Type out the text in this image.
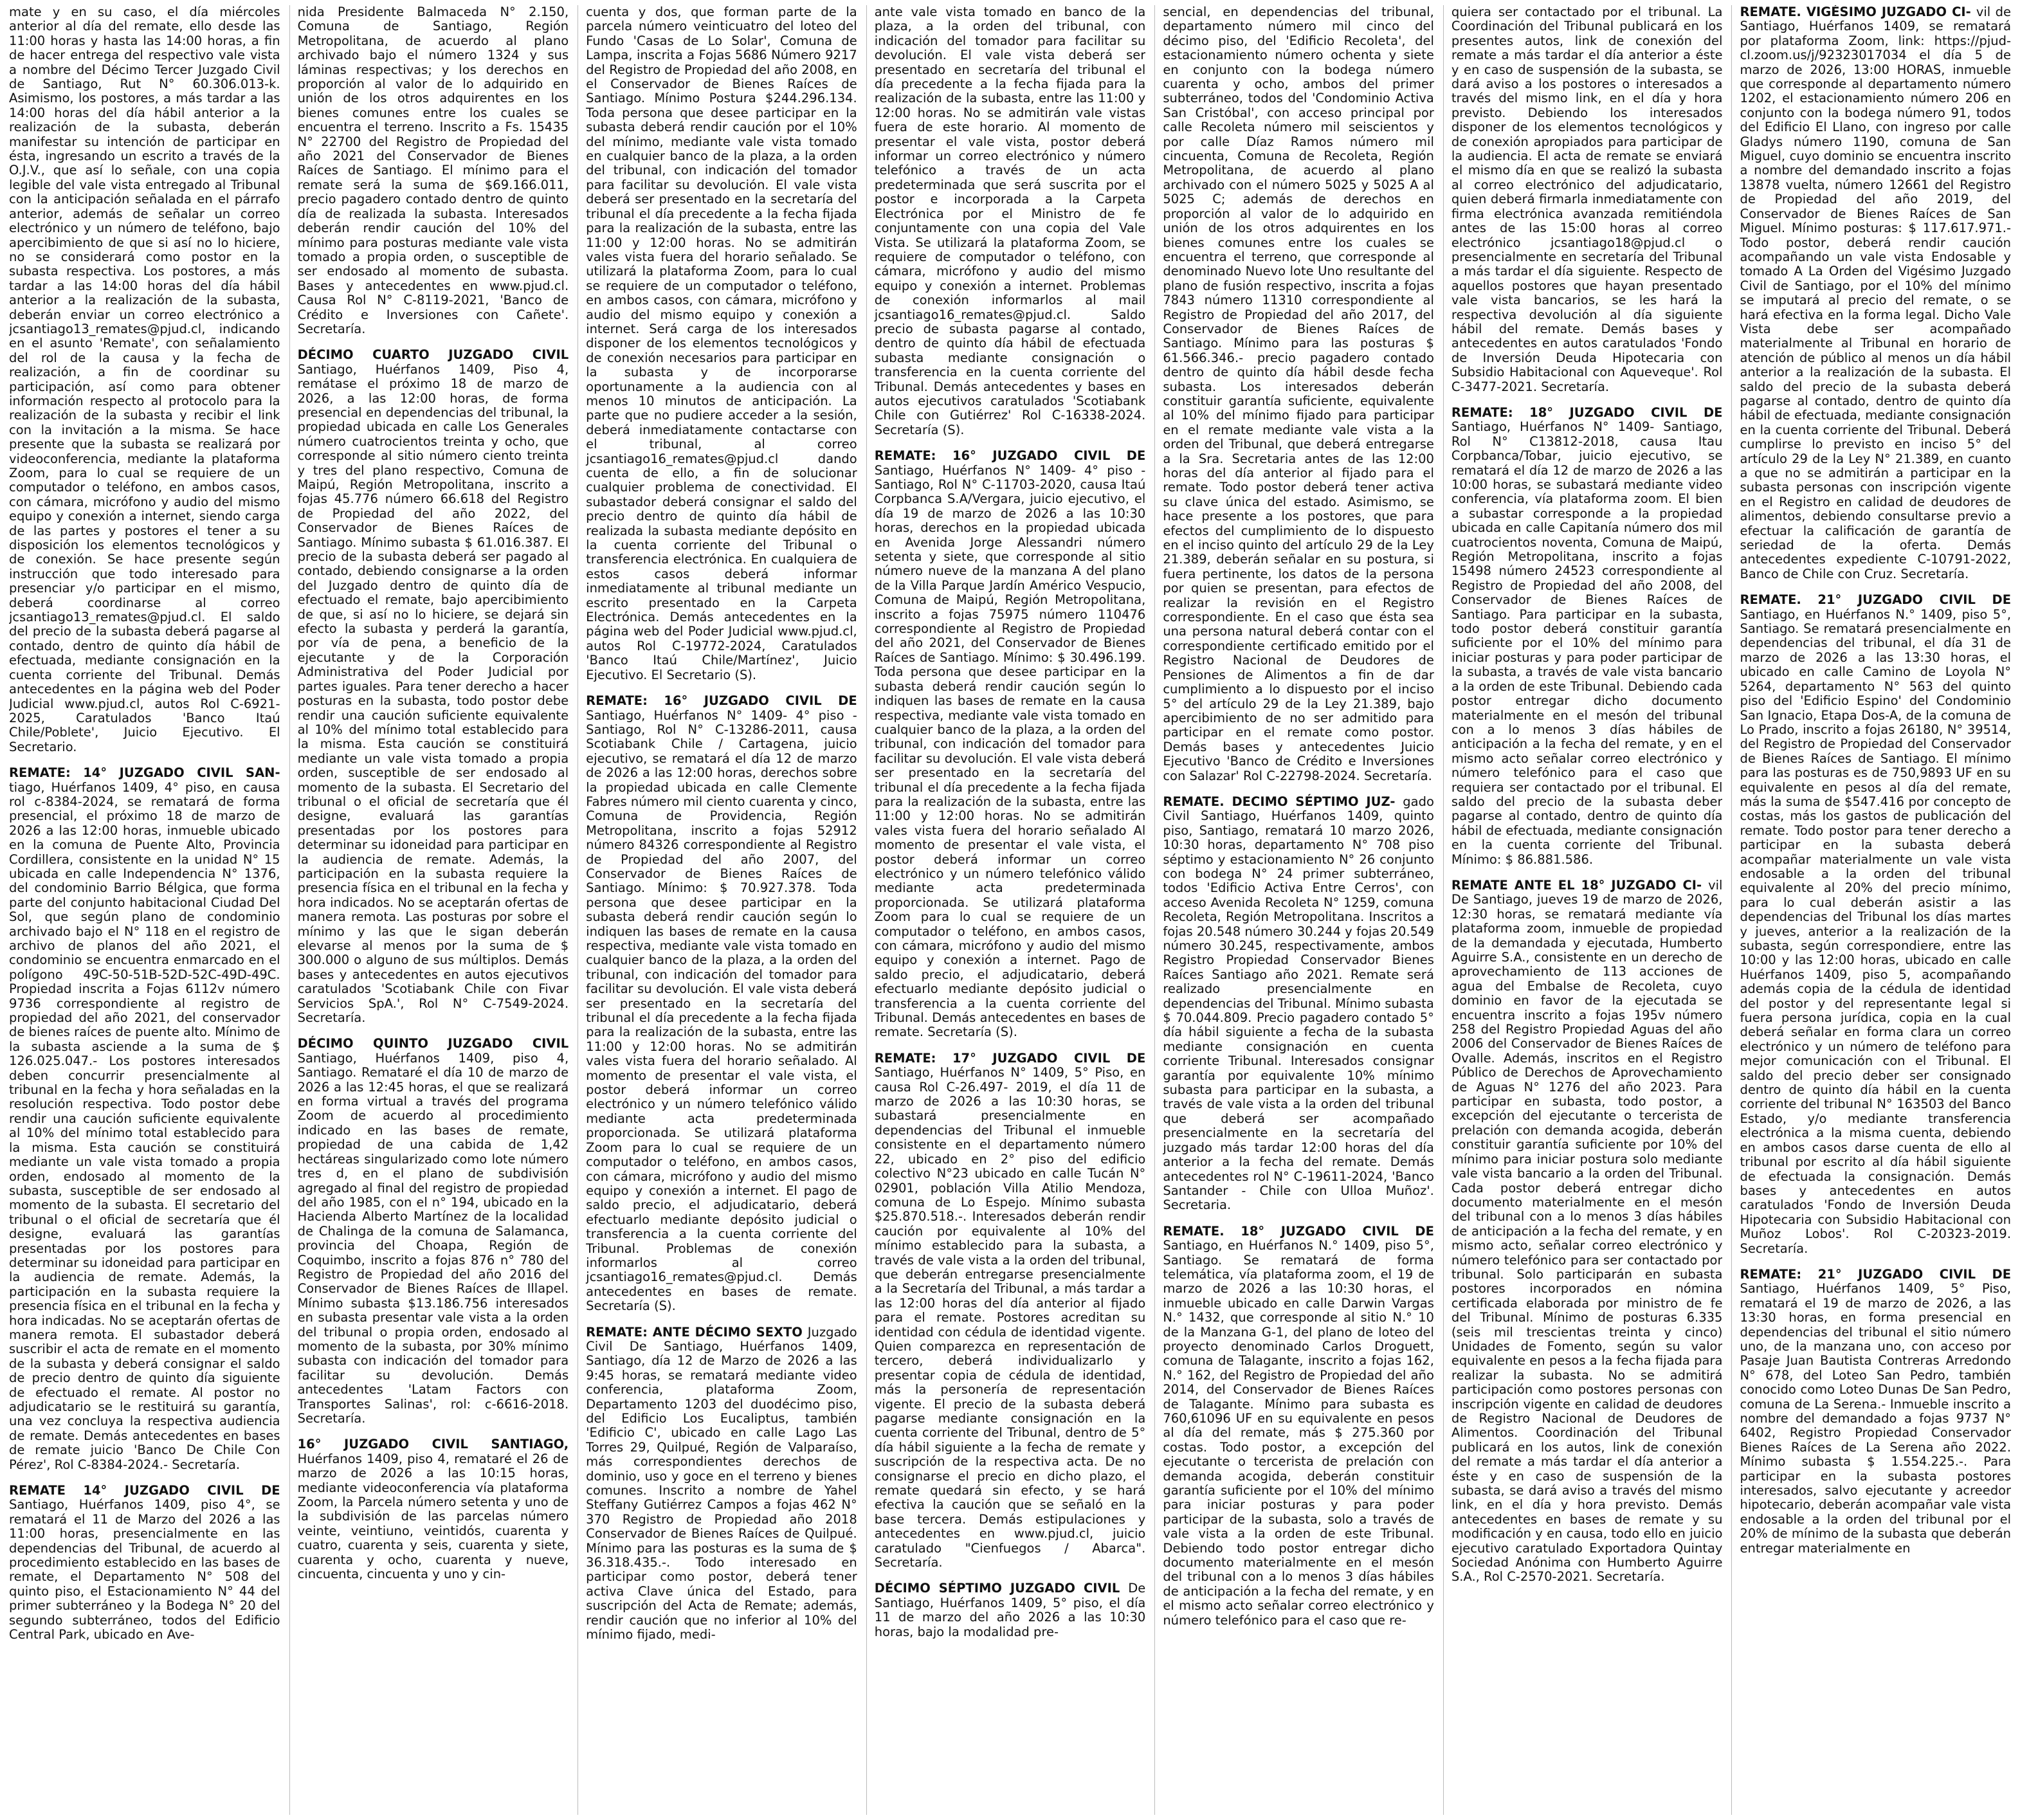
mate y en su caso, el día miércoles anterior al día del remate, ello desde las 11:00 horas y hasta las 14:00 horas, a fin de hacer entrega del respectivo vale vista a nombre del Décimo Tercer Juzgado Civil de Santiago, Rut N° 60.306.013-k. Asimismo, los postores, a más tardar a las 14:00 horas del día hábil anterior a la realización de la subasta, deberán manifestar su intención de participar en ésta, ingresando un escrito a través de la O.J.V., que así lo señale, con una copia legible del vale vista entregado al Tribunal con la anticipación señalada en el párrafo anterior, además de señalar un correo electrónico y un número de teléfono, bajo apercibimiento de que si así no lo hiciere, no se considerará como postor en la subasta respectiva. Los postores, a más tardar a las 14:00 horas del día hábil anterior a la realización de la subasta, deberán enviar un correo electrónico a jcsantiago13_remates@pjud.cl, indicando en el asunto 'Remate', con señalamiento del rol de la causa y la fecha de realización, a fin de coordinar su participación, así como para obtener información respecto al protocolo para la realización de la subasta y recibir el link con la invitación a la misma. Se hace presente que la subasta se realizará por videoconferencia, mediante la plataforma Zoom, para lo cual se requiere de un computador o teléfono, en ambos casos, con cámara, micrófono y audio del mismo equipo y conexión a internet, siendo carga de las partes y postores el tener a su disposición los elementos tecnológicos y de conexión. Se hace presente según instrucción que todo interesado para presenciar y/o participar en el mismo, deberá coordinarse al correo jcsantiago13_remates@pjud.cl. El saldo del precio de la subasta deberá pagarse al contado, dentro de quinto día hábil de efectuada, mediante consignación en la cuenta corriente del Tribunal. Demás antecedentes en la página web del Poder Judicial www.pjud.cl, autos Rol C-6921-2025, Caratulados 'Banco Itaú Chile/Poblete', Juicio Ejecutivo. El Secretario.
REMATE: 14° JUZGADO CIVIL SAN- tiago, Huérfanos 1409, 4° piso, en causa rol c-8384-2024, se rematará de forma presencial, el próximo 18 de marzo de 2026 a las 12:00 horas, inmueble ubicado en la comuna de Puente Alto, Provincia Cordillera, consistente en la unidad N° 15 ubicada en calle Independencia N° 1376, del condominio Barrio Bélgica, que forma parte del conjunto habitacional Ciudad Del Sol, que según plano de condominio archivado bajo el N° 118 en el registro de archivo de planos del año 2021, el condominio se encuentra enmarcado en el polígono 49C-50-51B-52D-52C-49D-49C. Propiedad inscrita a Fojas 6112v número 9736 correspondiente al registro de propiedad del año 2021, del conservador de bienes raíces de puente alto. Mínimo de la subasta asciende a la suma de $ 126.025.047.- Los postores interesados deben concurrir presencialmente al tribunal en la fecha y hora señaladas en la resolución respectiva. Todo postor debe rendir una caución suficiente equivalente al 10% del mínimo total establecido para la misma. Esta caución se constituirá mediante un vale vista tomado a propia orden, endosado al momento de la subasta, susceptible de ser endosado al momento de la subasta. El secretario del tribunal o el oficial de secretaría que él designe, evaluará las garantías presentadas por los postores para determinar su idoneidad para participar en la audiencia de remate. Además, la participación en la subasta requiere la presencia física en el tribunal en la fecha y hora indicadas. No se aceptarán ofertas de manera remota. El subastador deberá suscribir el acta de remate en el momento de la subasta y deberá consignar el saldo de precio dentro de quinto día siguiente de efectuado el remate. Al postor no adjudicatario se le restituirá su garantía, una vez concluya la respectiva audiencia de remate. Demás antecedentes en bases de remate juicio 'Banco De Chile Con Pérez', Rol C-8384-2024.- Secretaría.
REMATE 14° JUZGADO CIVIL DE Santiago, Huérfanos 1409, piso 4°, se rematará el 11 de Marzo del 2026 a las 11:00 horas, presencialmente en las dependencias del Tribunal, de acuerdo al procedimiento establecido en las bases de remate, el Departamento N° 508 del quinto piso, el Estacionamiento N° 44 del primer subterráneo y la Bodega N° 20 del segundo subterráneo, todos del Edificio Central Park, ubicado en Ave-
nida Presidente Balmaceda N° 2.150, Comuna de Santiago, Región Metropolitana, de acuerdo al plano archivado bajo el número 1324 y sus láminas respectivas; y los derechos en proporción al valor de lo adquirido en unión de los otros adquirentes en los bienes comunes entre los cuales se encuentra el terreno. Inscrito a Fs. 15435 N° 22700 del Registro de Propiedad del año 2021 del Conservador de Bienes Raíces de Santiago. El mínimo para el remate será la suma de $69.166.011, precio pagadero contado dentro de quinto día de realizada la subasta. Interesados deberán rendir caución del 10% del mínimo para posturas mediante vale vista tomado a propia orden, o susceptible de ser endosado al momento de subasta. Bases y antecedentes en www.pjud.cl. Causa Rol N° C-8119-2021, 'Banco de Crédito e Inversiones con Cañete'. Secretaría.
DÉCIMO CUARTO JUZGADO CIVIL Santiago, Huérfanos 1409, Piso 4, remátase el próximo 18 de marzo de 2026, a las 12:00 horas, de forma presencial en dependencias del tribunal, la propiedad ubicada en calle Los Generales número cuatrocientos treinta y ocho, que corresponde al sitio número ciento treinta y tres del plano respectivo, Comuna de Maipú, Región Metropolitana, inscrito a fojas 45.776 número 66.618 del Registro de Propiedad del año 2022, del Conservador de Bienes Raíces de Santiago. Mínimo subasta $ 61.016.387. El precio de la subasta deberá ser pagado al contado, debiendo consignarse a la orden del Juzgado dentro de quinto día de efectuado el remate, bajo apercibimiento de que, si así no lo hiciere, se dejará sin efecto la subasta y perderá la garantía, por vía de pena, a beneficio de la ejecutante y de la Corporación Administrativa del Poder Judicial por partes iguales. Para tener derecho a hacer posturas en la subasta, todo postor debe rendir una caución suficiente equivalente al 10% del mínimo total establecido para la misma. Esta caución se constituirá mediante un vale vista tomado a propia orden, susceptible de ser endosado al momento de la subasta. El Secretario del tribunal o el oficial de secretaría que él designe, evaluará las garantías presentadas por los postores para determinar su idoneidad para participar en la audiencia de remate. Además, la participación en la subasta requiere la presencia física en el tribunal en la fecha y hora indicados. No se aceptarán ofertas de manera remota. Las posturas por sobre el mínimo y las que le sigan deberán elevarse al menos por la suma de $ 300.000 o alguno de sus múltiplos. Demás bases y antecedentes en autos ejecutivos caratulados 'Scotiabank Chile con Fivar Servicios SpA.', Rol N° C-7549-2024. Secretaría.
DÉCIMO QUINTO JUZGADO CIVIL Santiago, Huérfanos 1409, piso 4, Santiago. Remataré el día 10 de marzo de 2026 a las 12:45 horas, el que se realizará en forma virtual a través del programa Zoom de acuerdo al procedimiento indicado en las bases de remate, propiedad de una cabida de 1,42 hectáreas singularizado como lote número tres d, en el plano de subdivisión agregado al final del registro de propiedad del año 1985, con el n° 194, ubicado en la Hacienda Alberto Martínez de la localidad de Chalinga de la comuna de Salamanca, provincia del Choapa, Región de Coquimbo, inscrito a fojas 876 n° 780 del Registro de Propiedad del año 2016 del Conservador de Bienes Raíces de Illapel. Mínimo subasta $13.186.756 interesados en subasta presentar vale vista a la orden del tribunal o propia orden, endosado al momento de la subasta, por 30% mínimo subasta con indicación del tomador para facilitar su devolución. Demás antecedentes 'Latam Factors con Transportes Salinas', rol: c-6616-2018. Secretaría.
16° JUZGADO CIVIL SANTIAGO, Huérfanos 1409, piso 4, remataré el 26 de marzo de 2026 a las 10:15 horas, mediante videoconferencia vía plataforma Zoom, la Parcela número setenta y uno de la subdivisión de las parcelas número veinte, veintiuno, veintidós, cuarenta y cuatro, cuarenta y seis, cuarenta y siete, cuarenta y ocho, cuarenta y nueve, cincuenta, cincuenta y uno y cin-
cuenta y dos, que forman parte de la parcela número veinticuatro del loteo del Fundo 'Casas de Lo Solar', Comuna de Lampa, inscrita a Fojas 5686 Número 9217 del Registro de Propiedad del año 2008, en el Conservador de Bienes Raíces de Santiago. Mínimo Postura $244.296.134. Toda persona que desee participar en la subasta deberá rendir caución por el 10% del mínimo, mediante vale vista tomado en cualquier banco de la plaza, a la orden del tribunal, con indicación del tomador para facilitar su devolución. El vale vista deberá ser presentado en la secretaría del tribunal el día precedente a la fecha fijada para la realización de la subasta, entre las 11:00 y 12:00 horas. No se admitirán vales vista fuera del horario señalado. Se utilizará la plataforma Zoom, para lo cual se requiere de un computador o teléfono, en ambos casos, con cámara, micrófono y audio del mismo equipo y conexión a internet. Será carga de los interesados disponer de los elementos tecnológicos y de conexión necesarios para participar en la subasta y de incorporarse oportunamente a la audiencia con al menos 10 minutos de anticipación. La parte que no pudiere acceder a la sesión, deberá inmediatamente contactarse con el tribunal, al correo jcsantiago16_remates@pjud.cl dando cuenta de ello, a fin de solucionar cualquier problema de conectividad. El subastador deberá consignar el saldo del precio dentro de quinto día hábil de realizada la subasta mediante depósito en la cuenta corriente del Tribunal o transferencia electrónica. En cualquiera de estos casos deberá informar inmediatamente al tribunal mediante un escrito presentado en la Carpeta Electrónica. Demás antecedentes en la página web del Poder Judicial www.pjud.cl, autos Rol C-19772-2024, Caratulados 'Banco Itaú Chile/Martínez', Juicio Ejecutivo. El Secretario (S).
REMATE: 16° JUZGADO CIVIL DE Santiago, Huérfanos N° 1409- 4° piso - Santiago, Rol N° C-13286-2011, causa Scotiabank Chile / Cartagena, juicio ejecutivo, se rematará el día 12 de marzo de 2026 a las 12:00 horas, derechos sobre la propiedad ubicada en calle Clemente Fabres número mil ciento cuarenta y cinco, Comuna de Providencia, Región Metropolitana, inscrito a fojas 52912 número 84326 correspondiente al Registro de Propiedad del año 2007, del Conservador de Bienes Raíces de Santiago. Mínimo: $ 70.927.378. Toda persona que desee participar en la subasta deberá rendir caución según lo indiquen las bases de remate en la causa respectiva, mediante vale vista tomado en cualquier banco de la plaza, a la orden del tribunal, con indicación del tomador para facilitar su devolución. El vale vista deberá ser presentado en la secretaría del tribunal el día precedente a la fecha fijada para la realización de la subasta, entre las 11:00 y 12:00 horas. No se admitirán vales vista fuera del horario señalado. Al momento de presentar el vale vista, el postor deberá informar un correo electrónico y un número telefónico válido mediante acta predeterminada proporcionada. Se utilizará plataforma Zoom para lo cual se requiere de un computador o teléfono, en ambos casos, con cámara, micrófono y audio del mismo equipo y conexión a internet. El pago de saldo precio, el adjudicatario, deberá efectuarlo mediante depósito judicial o transferencia a la cuenta corriente del Tribunal. Problemas de conexión informarlos al correo jcsantiago16_remates@pjud.cl. Demás antecedentes en bases de remate. Secretaría (S).
REMATE: ANTE DÉCIMO SEXTO Juzgado Civil De Santiago, Huérfanos 1409, Santiago, día 12 de Marzo de 2026 a las 9:45 horas, se rematará mediante video conferencia, plataforma Zoom, Departamento 1203 del duodécimo piso, del Edificio Los Eucaliptus, también 'Edificio C', ubicado en calle Lago Las Torres 29, Quilpué, Región de Valparaíso, más correspondientes derechos de dominio, uso y goce en el terreno y bienes comunes. Inscrito a nombre de Yahel Steffany Gutiérrez Campos a fojas 462 N° 370 Registro de Propiedad año 2018 Conservador de Bienes Raíces de Quilpué. Mínimo para las posturas es la suma de $ 36.318.435.-. Todo interesado en participar como postor, deberá tener activa Clave única del Estado, para suscripción del Acta de Remate; además, rendir caución que no inferior al 10% del mínimo fijado, medi-
ante vale vista tomado en banco de la plaza, a la orden del tribunal, con indicación del tomador para facilitar su devolución. El vale vista deberá ser presentado en secretaría del tribunal el día precedente a la fecha fijada para la realización de la subasta, entre las 11:00 y 12:00 horas. No se admitirán vale vistas fuera de este horario. Al momento de presentar el vale vista, postor deberá informar un correo electrónico y número telefónico a través de un acta predeterminada que será suscrita por el postor e incorporada a la Carpeta Electrónica por el Ministro de fe conjuntamente con una copia del Vale Vista. Se utilizará la plataforma Zoom, se requiere de computador o teléfono, con cámara, micrófono y audio del mismo equipo y conexión a internet. Problemas de conexión informarlos al mail jcsantiago16_remates@pjud.cl. Saldo precio de subasta pagarse al contado, dentro de quinto día hábil de efectuada subasta mediante consignación o transferencia en la cuenta corriente del Tribunal. Demás antecedentes y bases en autos ejecutivos caratulados 'Scotiabank Chile con Gutiérrez' Rol C-16338-2024. Secretaría (S).
REMATE: 16° JUZGADO CIVIL DE Santiago, Huérfanos N° 1409- 4° piso - Santiago, Rol N° C-11703-2020, causa Itaú Corpbanca S.A/Vergara, juicio ejecutivo, el día 19 de marzo de 2026 a las 10:30 horas, derechos en la propiedad ubicada en Avenida Jorge Alessandri número setenta y siete, que corresponde al sitio número nueve de la manzana A del plano de la Villa Parque Jardín Américo Vespucio, Comuna de Maipú, Región Metropolitana, inscrito a fojas 75975 número 110476 correspondiente al Registro de Propiedad del año 2021, del Conservador de Bienes Raíces de Santiago. Mínimo: $ 30.496.199. Toda persona que desee participar en la subasta deberá rendir caución según lo indiquen las bases de remate en la causa respectiva, mediante vale vista tomado en cualquier banco de la plaza, a la orden del tribunal, con indicación del tomador para facilitar su devolución. El vale vista deberá ser presentado en la secretaría del tribunal el día precedente a la fecha fijada para la realización de la subasta, entre las 11:00 y 12:00 horas. No se admitirán vales vista fuera del horario señalado Al momento de presentar el vale vista, el postor deberá informar un correo electrónico y un número telefónico válido mediante acta predeterminada proporcionada. Se utilizará plataforma Zoom para lo cual se requiere de un computador o teléfono, en ambos casos, con cámara, micrófono y audio del mismo equipo y conexión a internet. Pago de saldo precio, el adjudicatario, deberá efectuarlo mediante depósito judicial o transferencia a la cuenta corriente del Tribunal. Demás antecedentes en bases de remate. Secretaría (S).
REMATE: 17° JUZGADO CIVIL DE Santiago, Huérfanos N° 1409, 5° Piso, en causa Rol C-26.497- 2019, el día 11 de marzo de 2026 a las 10:30 horas, se subastará presencialmente en dependencias del Tribunal el inmueble consistente en el departamento número 22, ubicado en 2° piso del edificio colectivo N°23 ubicado en calle Tucán N° 02901, población Villa Atilio Mendoza, comuna de Lo Espejo. Mínimo subasta $25.870.518.-. Interesados deberán rendir caución por equivalente al 10% del mínimo establecido para la subasta, a través de vale vista a la orden del tribunal, que deberán entregarse presencialmente a la Secretaría del Tribunal, a más tardar a las 12:00 horas del día anterior al fijado para el remate. Postores acreditan su identidad con cédula de identidad vigente. Quien comparezca en representación de tercero, deberá individualizarlo y presentar copia de cédula de identidad, más la personería de representación vigente. El precio de la subasta deberá pagarse mediante consignación en la cuenta corriente del Tribunal, dentro de 5° día hábil siguiente a la fecha de remate y suscripción de la respectiva acta. De no consignarse el precio en dicho plazo, el remate quedará sin efecto, y se hará efectiva la caución que se señaló en la base tercera. Demás estipulaciones y antecedentes en www.pjud.cl, juicio caratulado "Cienfuegos / Abarca". Secretaría.
DÉCIMO SÉPTIMO JUZGADO CIVIL De Santiago, Huérfanos 1409, 5° piso, el día 11 de marzo del año 2026 a las 10:30 horas, bajo la modalidad pre-
sencial, en dependencias del tribunal, departamento número mil cinco del décimo piso, del 'Edificio Recoleta', del estacionamiento número ochenta y siete en conjunto con la bodega número cuarenta y ocho, ambos del primer subterráneo, todos del 'Condominio Activa San Cristóbal', con acceso principal por calle Recoleta número mil seiscientos y por calle Díaz Ramos número mil cincuenta, Comuna de Recoleta, Región Metropolitana, de acuerdo al plano archivado con el número 5025 y 5025 A al 5025 C; además de derechos en proporción al valor de lo adquirido en unión de los otros adquirentes en los bienes comunes entre los cuales se encuentra el terreno, que corresponde al denominado Nuevo lote Uno resultante del plano de fusión respectivo, inscrita a fojas 7843 número 11310 correspondiente al Registro de Propiedad del año 2017, del Conservador de Bienes Raíces de Santiago. Mínimo para las posturas $ 61.566.346.- precio pagadero contado dentro de quinto día hábil desde fecha subasta. Los interesados deberán constituir garantía suficiente, equivalente al 10% del mínimo fijado para participar en el remate mediante vale vista a la orden del Tribunal, que deberá entregarse a la Sra. Secretaria antes de las 12:00 horas del día anterior al fijado para el remate. Todo postor deberá tener activa su clave única del estado. Asimismo, se hace presente a los postores, que para efectos del cumplimiento de lo dispuesto en el inciso quinto del artículo 29 de la Ley 21.389, deberán señalar en su postura, si fuera pertinente, los datos de la persona por quien se presentan, para efectos de realizar la revisión en el Registro correspondiente. En el caso que ésta sea una persona natural deberá contar con el correspondiente certificado emitido por el Registro Nacional de Deudores de Pensiones de Alimentos a fin de dar cumplimiento a lo dispuesto por el inciso 5° del artículo 29 de la Ley 21.389, bajo apercibimiento de no ser admitido para participar en el remate como postor. Demás bases y antecedentes Juicio Ejecutivo 'Banco de Crédito e Inversiones con Salazar' Rol C-22798-2024. Secretaría.
REMATE. DECIMO SÉPTIMO JUZ- gado Civil Santiago, Huérfanos 1409, quinto piso, Santiago, rematará 10 marzo 2026, 10:30 horas, departamento N° 708 piso séptimo y estacionamiento N° 26 conjunto con bodega N° 24 primer subterráneo, todos 'Edificio Activa Entre Cerros', con acceso Avenida Recoleta N° 1259, comuna Recoleta, Región Metropolitana. Inscritos a fojas 20.548 número 30.244 y fojas 20.549 número 30.245, respectivamente, ambos Registro Propiedad Conservador Bienes Raíces Santiago año 2021. Remate será realizado presencialmente en dependencias del Tribunal. Mínimo subasta $ 70.044.809. Precio pagadero contado 5° día hábil siguiente a fecha de la subasta mediante consignación en cuenta corriente Tribunal. Interesados consignar garantía por equivalente 10% mínimo subasta para participar en la subasta, a través de vale vista a la orden del tribunal que deberá ser acompañado presencialmente en la secretaría del juzgado más tardar 12:00 horas del día anterior a la fecha del remate. Demás antecedentes rol N° C-19611-2024, 'Banco Santander - Chile con Ulloa Muñoz'. Secretaria.
REMATE. 18° JUZGADO CIVIL DE Santiago, en Huérfanos N.° 1409, piso 5°, Santiago. Se rematará de forma telemática, vía plataforma zoom, el 19 de marzo de 2026 a las 10:30 horas, el inmueble ubicado en calle Darwin Vargas N.° 1432, que corresponde al sitio N.° 10 de la Manzana G-1, del plano de loteo del proyecto denominado Carlos Droguett, comuna de Talagante, inscrito a fojas 162, N.° 162, del Registro de Propiedad del año 2014, del Conservador de Bienes Raíces de Talagante. Mínimo para subasta es 760,61096 UF en su equivalente en pesos al día del remate, más $ 275.360 por costas. Todo postor, a excepción del ejecutante o tercerista de prelación con demanda acogida, deberán constituir garantía suficiente por el 10% del mínimo para iniciar posturas y para poder participar de la subasta, solo a través de vale vista a la orden de este Tribunal. Debiendo todo postor entregar dicho documento materialmente en el mesón del tribunal con a lo menos 3 días hábiles de anticipación a la fecha del remate, y en el mismo acto señalar correo electrónico y número telefónico para el caso que re-
quiera ser contactado por el tribunal. La Coordinación del Tribunal publicará en los presentes autos, link de conexión del remate a más tardar el día anterior a éste y en caso de suspensión de la subasta, se dará aviso a los postores o interesados a través del mismo link, en el día y hora previsto. Debiendo los interesados disponer de los elementos tecnológicos y de conexión apropiados para participar de la audiencia. El acta de remate se enviará el mismo día en que se realizó la subasta al correo electrónico del adjudicatario, quien deberá firmarla inmediatamente con firma electrónica avanzada remitiéndola antes de las 15:00 horas al correo electrónico jcsantiago18@pjud.cl o presencialmente en secretaría del Tribunal a más tardar el día siguiente. Respecto de aquellos postores que hayan presentado vale vista bancarios, se les hará la respectiva devolución al día siguiente hábil del remate. Demás bases y antecedentes en autos caratulados 'Fondo de Inversión Deuda Hipotecaria con Subsidio Habitacional con Aqueveque'. Rol C-3477-2021. Secretaría.
REMATE: 18° JUZGADO CIVIL DE Santiago, Huérfanos N° 1409- Santiago, Rol N° C13812-2018, causa Itau Corpbanca/Tobar, juicio ejecutivo, se rematará el día 12 de marzo de 2026 a las 10:00 horas, se subastará mediante video conferencia, vía plataforma zoom. El bien a subastar corresponde a la propiedad ubicada en calle Capitanía número dos mil cuatrocientos noventa, Comuna de Maipú, Región Metropolitana, inscrito a fojas 15498 número 24523 correspondiente al Registro de Propiedad del año 2008, del Conservador de Bienes Raíces de Santiago. Para participar en la subasta, todo postor deberá constituir garantía suficiente por el 10% del mínimo para iniciar posturas y para poder participar de la subasta, a través de vale vista bancario a la orden de este Tribunal. Debiendo cada postor entregar dicho documento materialmente en el mesón del tribunal con a lo menos 3 días hábiles de anticipación a la fecha del remate, y en el mismo acto señalar correo electrónico y número telefónico para el caso que requiera ser contactado por el tribunal. El saldo del precio de la subasta deber pagarse al contado, dentro de quinto día hábil de efectuada, mediante consignación en la cuenta corriente del Tribunal. Mínimo: $ 86.881.586.
REMATE ANTE EL 18° JUZGADO CI- vil De Santiago, jueves 19 de marzo de 2026, 12:30 horas, se rematará mediante vía plataforma zoom, inmueble de propiedad de la demandada y ejecutada, Humberto Aguirre S.A., consistente en un derecho de aprovechamiento de 113 acciones de agua del Embalse de Recoleta, cuyo dominio en favor de la ejecutada se encuentra inscrito a fojas 195v número 258 del Registro Propiedad Aguas del año 2006 del Conservador de Bienes Raíces de Ovalle. Además, inscritos en el Registro Público de Derechos de Aprovechamiento de Aguas N° 1276 del año 2023. Para participar en subasta, todo postor, a excepción del ejecutante o tercerista de prelación con demanda acogida, deberán constituir garantía suficiente por 10% del mínimo para iniciar postura solo mediante vale vista bancario a la orden del Tribunal. Cada postor deberá entregar dicho documento materialmente en el mesón del tribunal con a lo menos 3 días hábiles de anticipación a la fecha del remate, y en mismo acto, señalar correo electrónico y número telefónico para ser contactado por tribunal. Solo participarán en subasta postores incorporados en nómina certificada elaborada por ministro de fe del Tribunal. Mínimo de posturas 6.335 (seis mil trescientas treinta y cinco) Unidades de Fomento, según su valor equivalente en pesos a la fecha fijada para realizar la subasta. No se admitirá participación como postores personas con inscripción vigente en calidad de deudores de Registro Nacional de Deudores de Alimentos. Coordinación del Tribunal publicará en los autos, link de conexión del remate a más tardar el día anterior a éste y en caso de suspensión de la subasta, se dará aviso a través del mismo link, en el día y hora previsto. Demás antecedentes en bases de remate y su modificación y en causa, todo ello en juicio ejecutivo caratulado Exportadora Quintay Sociedad Anónima con Humberto Aguirre S.A., Rol C-2570-2021. Secretaría.
REMATE. VIGÉSIMO JUZGADO CI- vil de Santiago, Huérfanos 1409, se rematará por plataforma Zoom, link: https://pjud-cl.zoom.us/j/92323017034 el día 5 de marzo de 2026, 13:00 HORAS, inmueble que corresponde al departamento número 1202, el estacionamiento número 206 en conjunto con la bodega número 91, todos del Edificio El Llano, con ingreso por calle Gladys número 1190, comuna de San Miguel, cuyo dominio se encuentra inscrito a nombre del demandado inscrito a fojas 13878 vuelta, número 12661 del Registro de Propiedad del año 2019, del Conservador de Bienes Raíces de San Miguel. Mínimo posturas: $ 117.617.971.- Todo postor, deberá rendir caución acompañando un vale vista Endosable y tomado A La Orden del Vigésimo Juzgado Civil de Santiago, por el 10% del mínimo se imputará al precio del remate, o se hará efectiva en la forma legal. Dicho Vale Vista debe ser acompañado materialmente al Tribunal en horario de atención de público al menos un día hábil anterior a la realización de la subasta. El saldo del precio de la subasta deberá pagarse al contado, dentro de quinto día hábil de efectuada, mediante consignación en la cuenta corriente del Tribunal. Deberá cumplirse lo previsto en inciso 5° del artículo 29 de la Ley N° 21.389, en cuanto a que no se admitirán a participar en la subasta personas con inscripción vigente en el Registro en calidad de deudores de alimentos, debiendo consultarse previo a efectuar la calificación de garantía de seriedad de la oferta. Demás antecedentes expediente C-10791-2022, Banco de Chile con Cruz. Secretaría.
REMATE. 21° JUZGADO CIVIL DE Santiago, en Huérfanos N.° 1409, piso 5°, Santiago. Se rematará presencialmente en dependencias del tribunal, el día 31 de marzo de 2026 a las 13:30 horas, el ubicado en calle Camino de Loyola N° 5264, departamento N° 563 del quinto piso del 'Edificio Espino' del Condominio San Ignacio, Etapa Dos-A, de la comuna de Lo Prado, inscrito a fojas 26180, N° 39514, del Registro de Propiedad del Conservador de Bienes Raíces de Santiago. El mínimo para las posturas es de 750,9893 UF en su equivalente en pesos al día del remate, más la suma de $547.416 por concepto de costas, más los gastos de publicación del remate. Todo postor para tener derecho a participar en la subasta deberá acompañar materialmente un vale vista endosable a la orden del tribunal equivalente al 20% del precio mínimo, para lo cual deberán asistir a las dependencias del Tribunal los días martes y jueves, anterior a la realización de la subasta, según correspondiere, entre las 10:00 y las 12:00 horas, ubicado en calle Huérfanos 1409, piso 5, acompañando además copia de la cédula de identidad del postor y del representante legal si fuera persona jurídica, copia en la cual deberá señalar en forma clara un correo electrónico y un número de teléfono para mejor comunicación con el Tribunal. El saldo del precio deber ser consignado dentro de quinto día hábil en la cuenta corriente del tribunal N° 163503 del Banco Estado, y/o mediante transferencia electrónica a la misma cuenta, debiendo en ambos casos darse cuenta de ello al tribunal por escrito al día hábil siguiente de efectuada la consignación. Demás bases y antecedentes en autos caratulados 'Fondo de Inversión Deuda Hipotecaria con Subsidio Habitacional con Muñoz Lobos'. Rol C-20323-2019. Secretaría.
REMATE: 21° JUZGADO CIVIL DE Santiago, Huérfanos 1409, 5° Piso, rematará el 19 de marzo de 2026, a las 13:30 horas, en forma presencial en dependencias del tribunal el sitio número uno, de la manzana uno, con acceso por Pasaje Juan Bautista Contreras Arredondo N° 678, del Loteo San Pedro, también conocido como Loteo Dunas De San Pedro, comuna de La Serena.- Inmueble inscrito a nombre del demandado a fojas 9737 N° 6402, Registro Propiedad Conservador Bienes Raíces de La Serena año 2022. Mínimo subasta $ 1.554.225.-. Para participar en la subasta postores interesados, salvo ejecutante y acreedor hipotecario, deberán acompañar vale vista endosable a la orden del tribunal por el 20% de mínimo de la subasta que deberán entregar materialmente en
